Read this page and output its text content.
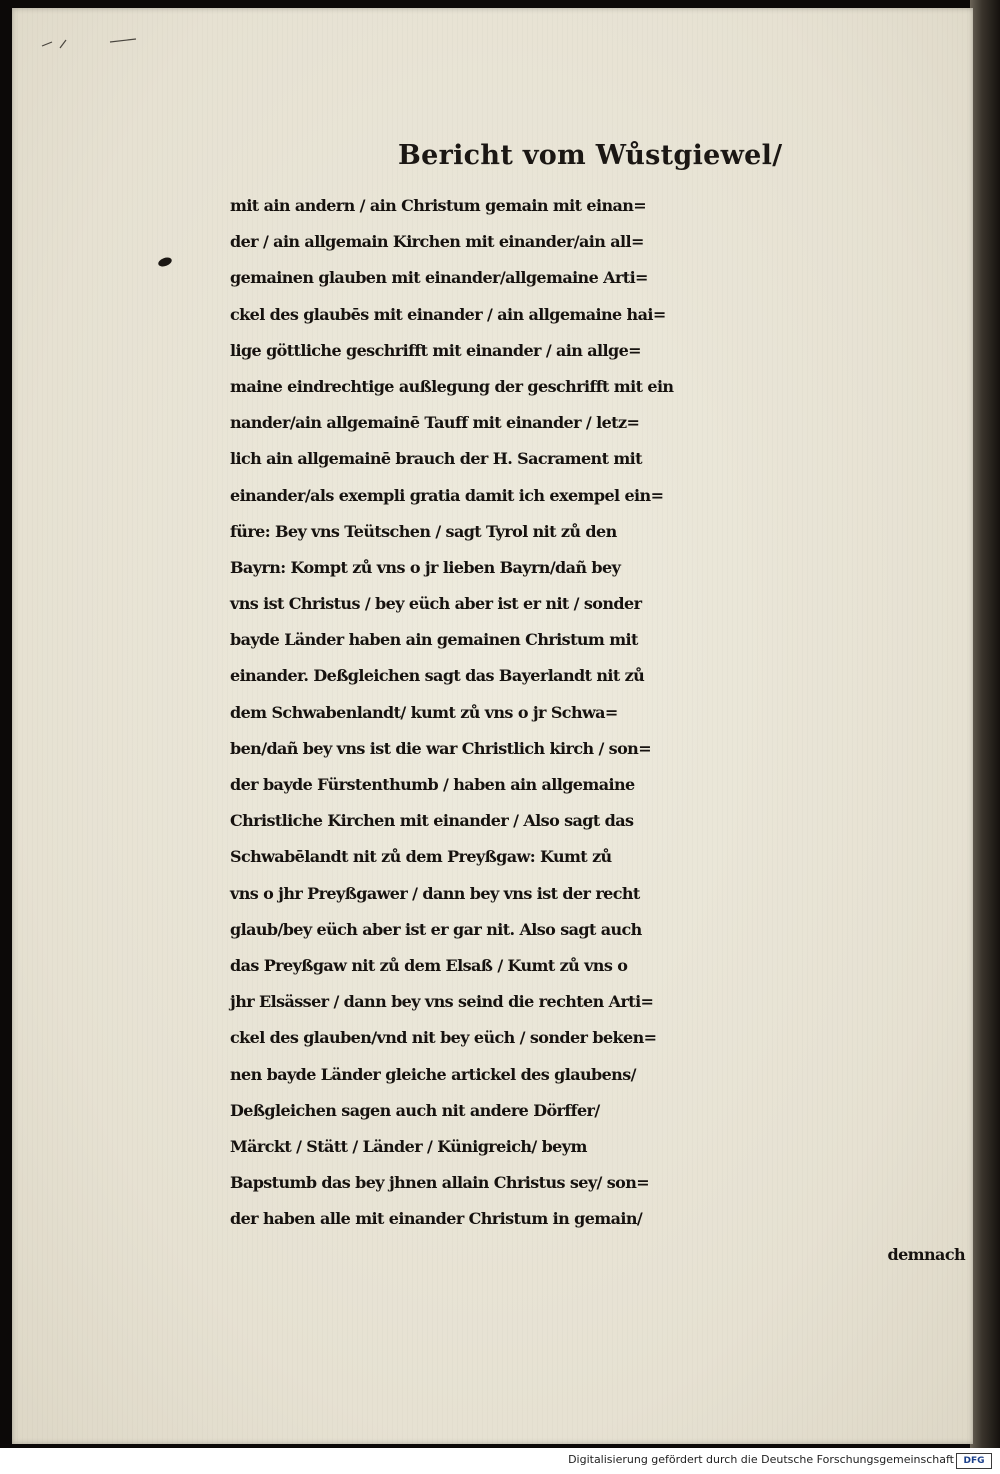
Bericht vom Wůstgiewel/
mit ain andern / ain Christum gemain mit einan=
der / ain allgemain Kirchen mit einander/ain all=
gemainen glauben mit einander/allgemaine Arti=
ckel des glaubēs mit einander / ain allgemaine hai=
lige göttliche geschrifft mit einander / ain allge=
maine eindrechtige außlegung der geschrifft mit ein
nander/ain allgemainē Tauff mit einander / letz=
lich ain allgemainē brauch der H. Sacrament mit
einander/als exempli gratia damit ich exempel ein=
füre: Bey vns Teütschen / sagt Tyrol nit zů den
Bayrn: Kompt zů vns o jr lieben Bayrn/dañ bey
vns ist Christus / bey eüch aber ist er nit / sonder
bayde Länder haben ain gemainen Christum mit
einander. Deßgleichen sagt das Bayerlandt nit zů
dem Schwabenlandt/ kumt zů vns o jr Schwa=
ben/dañ bey vns ist die war Christlich kirch / son=
der bayde Fürstenthumb / haben ain allgemaine
Christliche Kirchen mit einander / Also sagt das
Schwabēlandt nit zů dem Preyßgaw: Kumt zů
vns o jhr Preyßgawer / dann bey vns ist der recht
glaub/bey eüch aber ist er gar nit. Also sagt auch
das Preyßgaw nit zů dem Elsaß / Kumt zů vns o
jhr Elsässer / dann bey vns seind die rechten Arti=
ckel des glauben/vnd nit bey eüch / sonder beken=
nen bayde Länder gleiche artickel des glaubens/
Deßgleichen sagen auch nit andere Dörffer/
Märckt / Stätt / Länder / Künigreich/ beym
Bapstumb das bey jhnen allain Christus sey/ son=
der haben alle mit einander Christum in gemain/
demnach
Digitalisierung gefördert durch die Deutsche Forschungsgemeinschaft	DFG
